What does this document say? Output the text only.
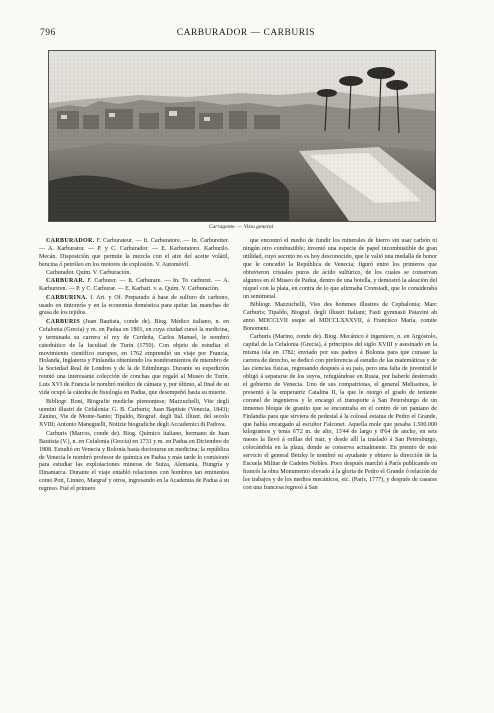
796	CARBURADOR — CARBURIS
Carragente. — Vista general

CARBURADOR. F. Carburateur. — It. Carburatore. — In. Carburetter. — A. Karburator. — P. y C. Carburador. — E. Karburatoro. Karburilo. Mecán. Disposición que permite la mezcla con el aire del aceite volátil, bencina ó petróleo en los motores de explosión. V. Automóvil.

Carburador. Quím. V. Carburación.

CARBURAR. F. Carburer. — It. Carburare. — In. To carburet. — A. Karburiren. — P. y C. Carburar. — E. Karbari. v. a. Quím. V. Carburación.

CARBURINA. f. Art. y Of. Preparado á base de sulfuro de carbono, usado en tintorería y en la economía doméstica para quitar las manchas de grasa de los tejidos.

CARBURIS (Juan Bautista, conde de). Biog. Médico italiano, n. en Cefalonia (Grecia) y m. en Padua en 1801, en cuya ciudad cursó la medicina, y terminada su carrera el rey de Cerdeña, Carlos Manuel, le nombró catedrático de la facultad de Turín (1750). Con objeto de estudiar el movimiento científico europeo, en 1762 emprendió un viaje por Francia, Holanda, Inglaterra y Finlandia obteniendo los nombramientos de miembro de la Sociedad Real de Londres y de la de Edimburgo. Durante su expedición reunió una interesante colección de conchas que regaló al Museo de Turín. Luis XVI de Francia le nombró médico de cámara y, por último, al final de su vida ocupó la cátedra de fisiología en Padua, que desempeñó hasta su muerte.

Bibliogr. Boni, Biografie mediche piemontese; Mazzuchelli, Vite degli uomini illustri de Cefalonia: G. B. Carburis; Juan Baptiste (Venecia, 1843); Zanino, Vie de Monte-Santo; Tipaldo, Biograf. degli Ital. illustr. del secolo XVIII; Antonio Maneguelli, Notizie biografiche degli Accademici di Padova.

Carburis (Marcos, conde de). Biog. Químico italiano, hermano de Juan Bautista (V.), n. en Cefalonia (Grecia) en 1731 y m. en Padua en Diciembre de 1808. Estudió en Venecia y Bolonia hasta doctorarse en medicina; la república de Venecia le nombró profesor de química en Padua y más tarde lo comisionó para estudiar las explotaciones mineras de Suiza, Alemania, Hungría y Dinamarca. Durante el viaje entabló relaciones con hombres tan eminentes como Pott, Linneo, Margraf y otros, ingresando en la Academia de Padua á su regreso. Fué el primero

que encontró el medio de fundir los minerales de hierro sin usar carbón ni ningún otro combustible; inventó una especie de papel incombustible de gran utilidad, cuyo secreto no es hoy desconocido, que le valió una medalla de honor que le concedió la República de Venecia; figuró entre los primeros que obtuvieron cristales puros de ácido sulfúrico, de los cuales se conservan algunos en el Museo de Padua, dentro de una botella, y demostró la aleación del níquel con la plata, en contra de lo que afirmaba Cronstadt, que lo consideraba un semimetal.

Bibliogr. Mazzuchelli, Vies des hommes illustres de Cephalonia; Marc Carburis; Tipaldo, Biograf. degli illustri Italiani; Fasti gymnasii Patavini ab anno MDCCLVII usque ad MDCCLXXXVII, á Francisco María, comite Bonomeni.

Carburis (Marino, conde de). Biog. Mecánico é ingeniero, n. en Argóstolo, capital de la Cefalonia (Grecia), á principios del siglo XVIII y asesinado en la misma isla en 1782; enviado por sus padres á Bolonia para que cursase la carrera de derecho, se dedicó con preferencia al estudio de las matemáticas y de las ciencias físicas, regresando después á su país, pero una falta de juventud le obligó á separarse de los suyos, refugiándose en Rusia, por haberle desterrado el gobierno de Venecia. Uno de sus compatriotas, el general Melissinos, le presentó á la emperatriz Catalina II, la que le otorgó el grado de teniente coronel de ingenieros y le encargó el transporte á San Petersburgo de un inmenso bloque de granito que se encontraba en el centro de un pantano de Finlandia para que sirviera de pedestal á la colosal estatua de Pedro el Grande, que había encargado al escultor Falconet. Aquella mole que pesaba 1.500.000 kilogramos y tenía 6'72 m. de alto, 13'44 de largo y 8'64 de ancho, en seis meses la llevó á orillas del mar, y desde allí la trasladó á San Petersburgo, colocándola en la plaza, donde se conserva actualmente. En premio de este servicio el general Betzky le nombró su ayudante y obtuvo la dirección de la Escuela Militar de Cadetes Nobles. Poco después marchó á París publicando en francés la obra Monumento elevado á la gloria de Pedro el Grande ó relación de los trabajos y de los medios mecánicos, etc. (París, 1777), y después de casarse con una francesa regresó á San
